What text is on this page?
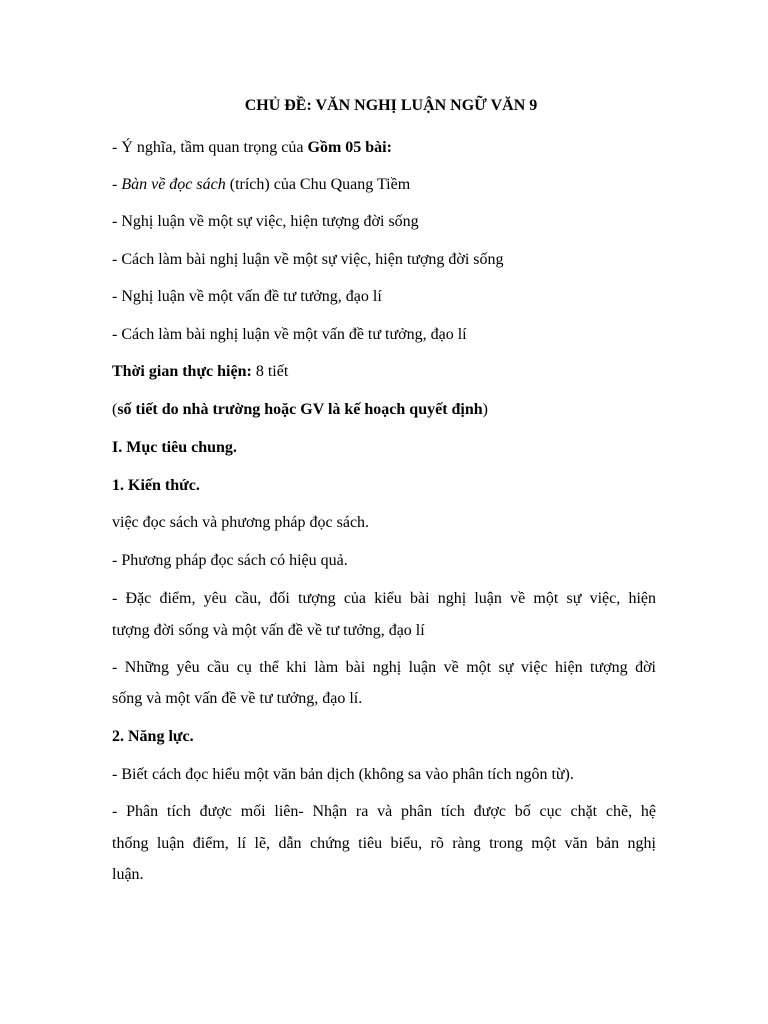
CHỦ ĐỀ: VĂN NGHỊ LUẬN NGỮ VĂN 9
- Ý nghĩa, tầm quan trọng của Gồm 05 bài:
- Bàn về đọc sách (trích) của Chu Quang Tiềm
- Nghị luận về một sự việc, hiện tượng đời sống
- Cách làm bài nghị luận về một sự việc, hiện tượng đời sống
- Nghị luận về một vấn đề tư tưởng, đạo lí
- Cách làm bài nghị luận về một vấn đề tư tưởng, đạo lí
Thời gian thực hiện: 8 tiết
(số tiết do nhà trường hoặc GV là kế hoạch quyết định)
I. Mục tiêu chung.
1. Kiến thức.
việc đọc sách và phương pháp đọc sách.
- Phương pháp đọc sách có hiệu quả.
- Đặc điểm, yêu cầu, đối tượng của kiểu bài nghị luận về một sự việc, hiện
tượng đời sống và một vấn đề về tư tưởng, đạo lí
- Những yêu cầu cụ thể khi làm bài nghị luận về một sự việc hiện tượng đời
sống và một vấn đề về tư tưởng, đạo lí.
2. Năng lực.
- Biết cách đọc hiểu một văn bản dịch (không sa vào phân tích ngôn từ).
- Phân tích được mối liên- Nhận ra và phân tích được bố cục chặt chẽ, hệ
thống luận điểm, lí lẽ, dẫn chứng tiêu biểu, rõ ràng trong một văn bản nghị
luận.
